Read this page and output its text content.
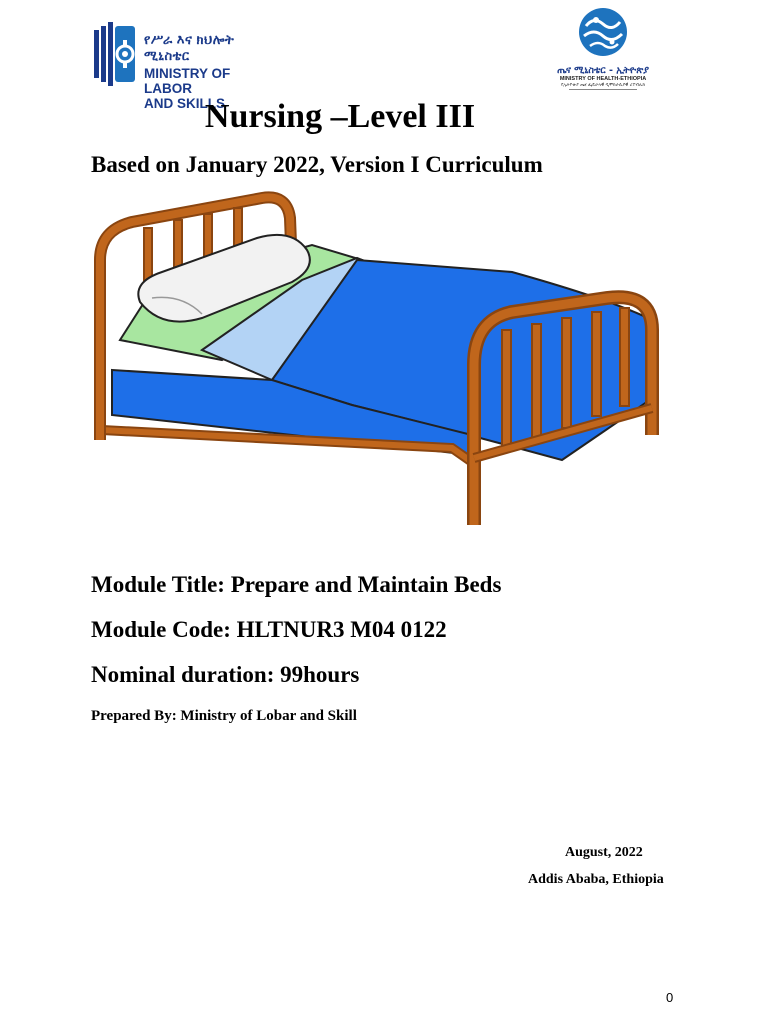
የሥራ እና ክህሎት ሚኒስቴር
MINISTRY OF LABOR
AND SKILLS
ጤና ሚኒስቴር - ኢትዮጵያ
MINISTRY OF HEALTH-ETHIOPIA
የኢትዮጵያ ጤና ፌዴራላዊ ዲሞክራሲያዊ ሪፐብሊክ
Nursing –Level III
Based on January 2022, Version I Curriculum
Module Title: Prepare and Maintain Beds
Module Code: HLTNUR3 M04 0122
Nominal duration: 99hours
Prepared By: Ministry of Lobar and Skill
August, 2022
Addis Ababa, Ethiopia
0
